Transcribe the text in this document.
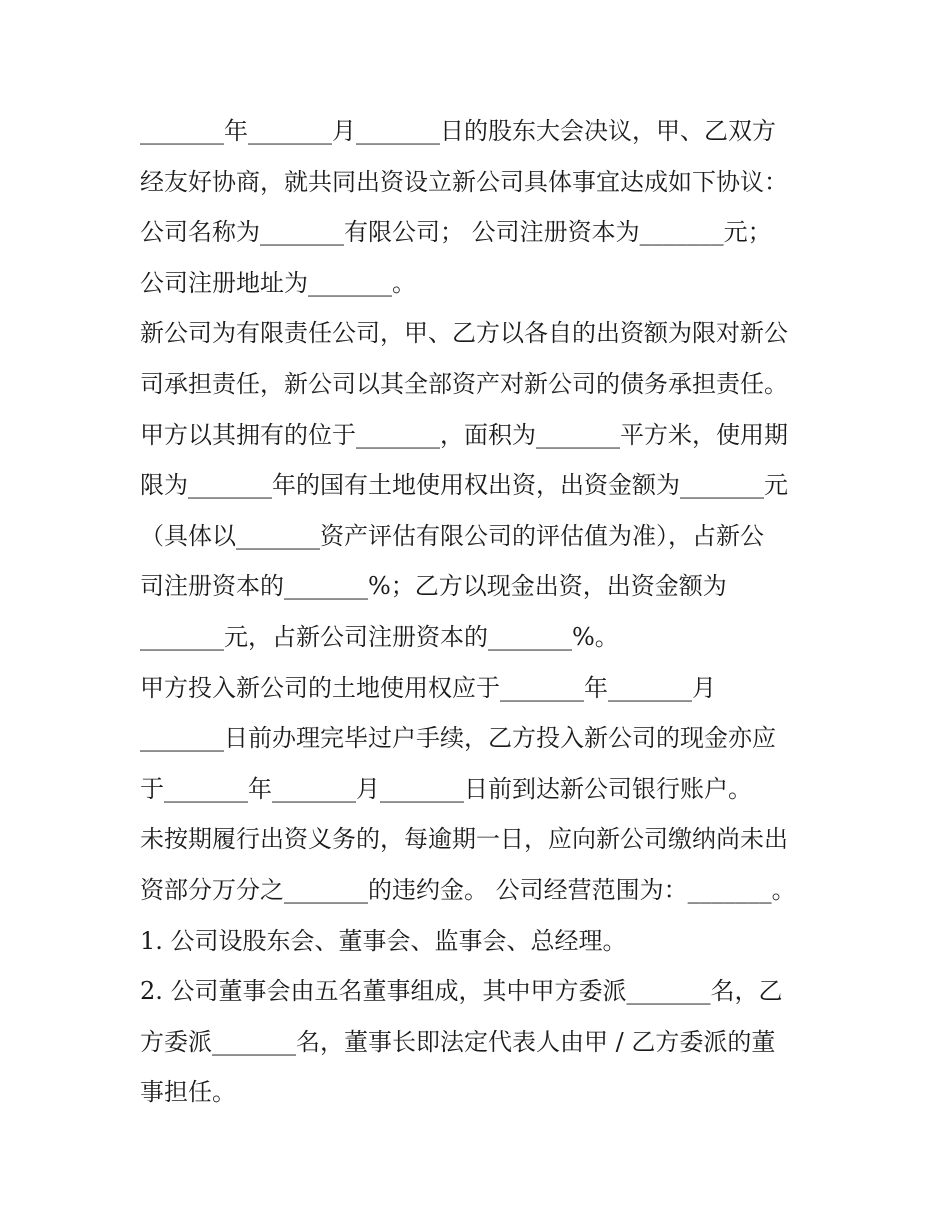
_______年_______月_______日的股东大会决议，甲、乙双方
经友好协商，就共同出资设立新公司具体事宜达成如下协议：
公司名称为_______有限公司； 公司注册资本为_______元；
公司注册地址为_______。
新公司为有限责任公司，甲、乙方以各自的出资额为限对新公
司承担责任，新公司以其全部资产对新公司的债务承担责任。
甲方以其拥有的位于_______，面积为_______平方米，使用期
限为_______年的国有土地使用权出资，出资金额为_______元
（具体以_______资产评估有限公司的评估值为准），占新公
司注册资本的_______%；乙方以现金出资，出资金额为
_______元，占新公司注册资本的_______%。
甲方投入新公司的土地使用权应于_______年_______月
_______日前办理完毕过户手续，乙方投入新公司的现金亦应
于_______年_______月_______日前到达新公司银行账户。
未按期履行出资义务的，每逾期一日，应向新公司缴纳尚未出
资部分万分之_______的违约金。 公司经营范围为：_______。
1. 公司设股东会、董事会、监事会、总经理。
2. 公司董事会由五名董事组成，其中甲方委派_______名，乙
方委派_______名，董事长即法定代表人由甲 / 乙方委派的董
事担任。
